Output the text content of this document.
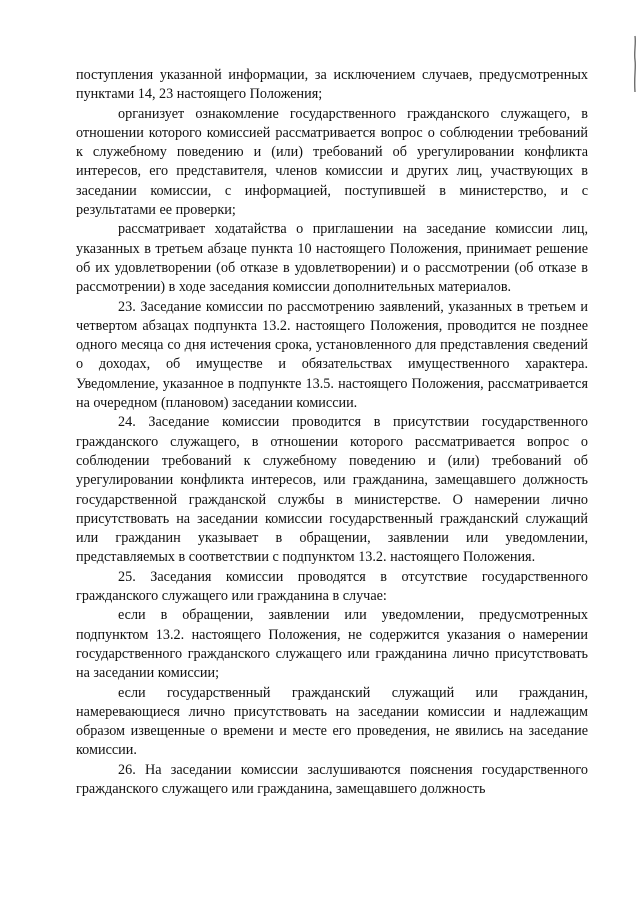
поступления указанной информации, за исключением случаев, предусмотренных пунктами 14, 23 настоящего Положения;

организует ознакомление государственного гражданского служащего, в отношении которого комиссией рассматривается вопрос о соблюдении требований к служебному поведению и (или) требований об урегулировании конфликта интересов, его представителя, членов комиссии и других лиц, участвующих в заседании комиссии, с информацией, поступившей в министерство, и с результатами ее проверки;

рассматривает ходатайства о приглашении на заседание комиссии лиц, указанных в третьем абзаце пункта 10 настоящего Положения, принимает решение об их удовлетворении (об отказе в удовлетворении) и о рассмотрении (об отказе в рассмотрении) в ходе заседания комиссии дополнительных материалов.

23. Заседание комиссии по рассмотрению заявлений, указанных в третьем и четвертом абзацах подпункта 13.2. настоящего Положения, проводится не позднее одного месяца со дня истечения срока, установленного для представления сведений о доходах, об имуществе и обязательствах имущественного характера. Уведомление, указанное в подпункте 13.5. настоящего Положения, рассматривается на очередном (плановом) заседании комиссии.

24. Заседание комиссии проводится в присутствии государственного гражданского служащего, в отношении которого рассматривается вопрос о соблюдении требований к служебному поведению и (или) требований об урегулировании конфликта интересов, или гражданина, замещавшего должность государственной гражданской службы в министерстве. О намерении лично присутствовать на заседании комиссии государственный гражданский служащий или гражданин указывает в обращении, заявлении или уведомлении, представляемых в соответствии с подпунктом 13.2. настоящего Положения.

25. Заседания комиссии проводятся в отсутствие государственного гражданского служащего или гражданина в случае:

если в обращении, заявлении или уведомлении, предусмотренных подпунктом 13.2. настоящего Положения, не содержится указания о намерении государственного гражданского служащего или гражданина лично присутствовать на заседании комиссии;

если государственный гражданский служащий или гражданин, намеревающиеся лично присутствовать на заседании комиссии и надлежащим образом извещенные о времени и месте его проведения, не явились на заседание комиссии.

26. На заседании комиссии заслушиваются пояснения государственного гражданского служащего или гражданина, замещавшего должность
